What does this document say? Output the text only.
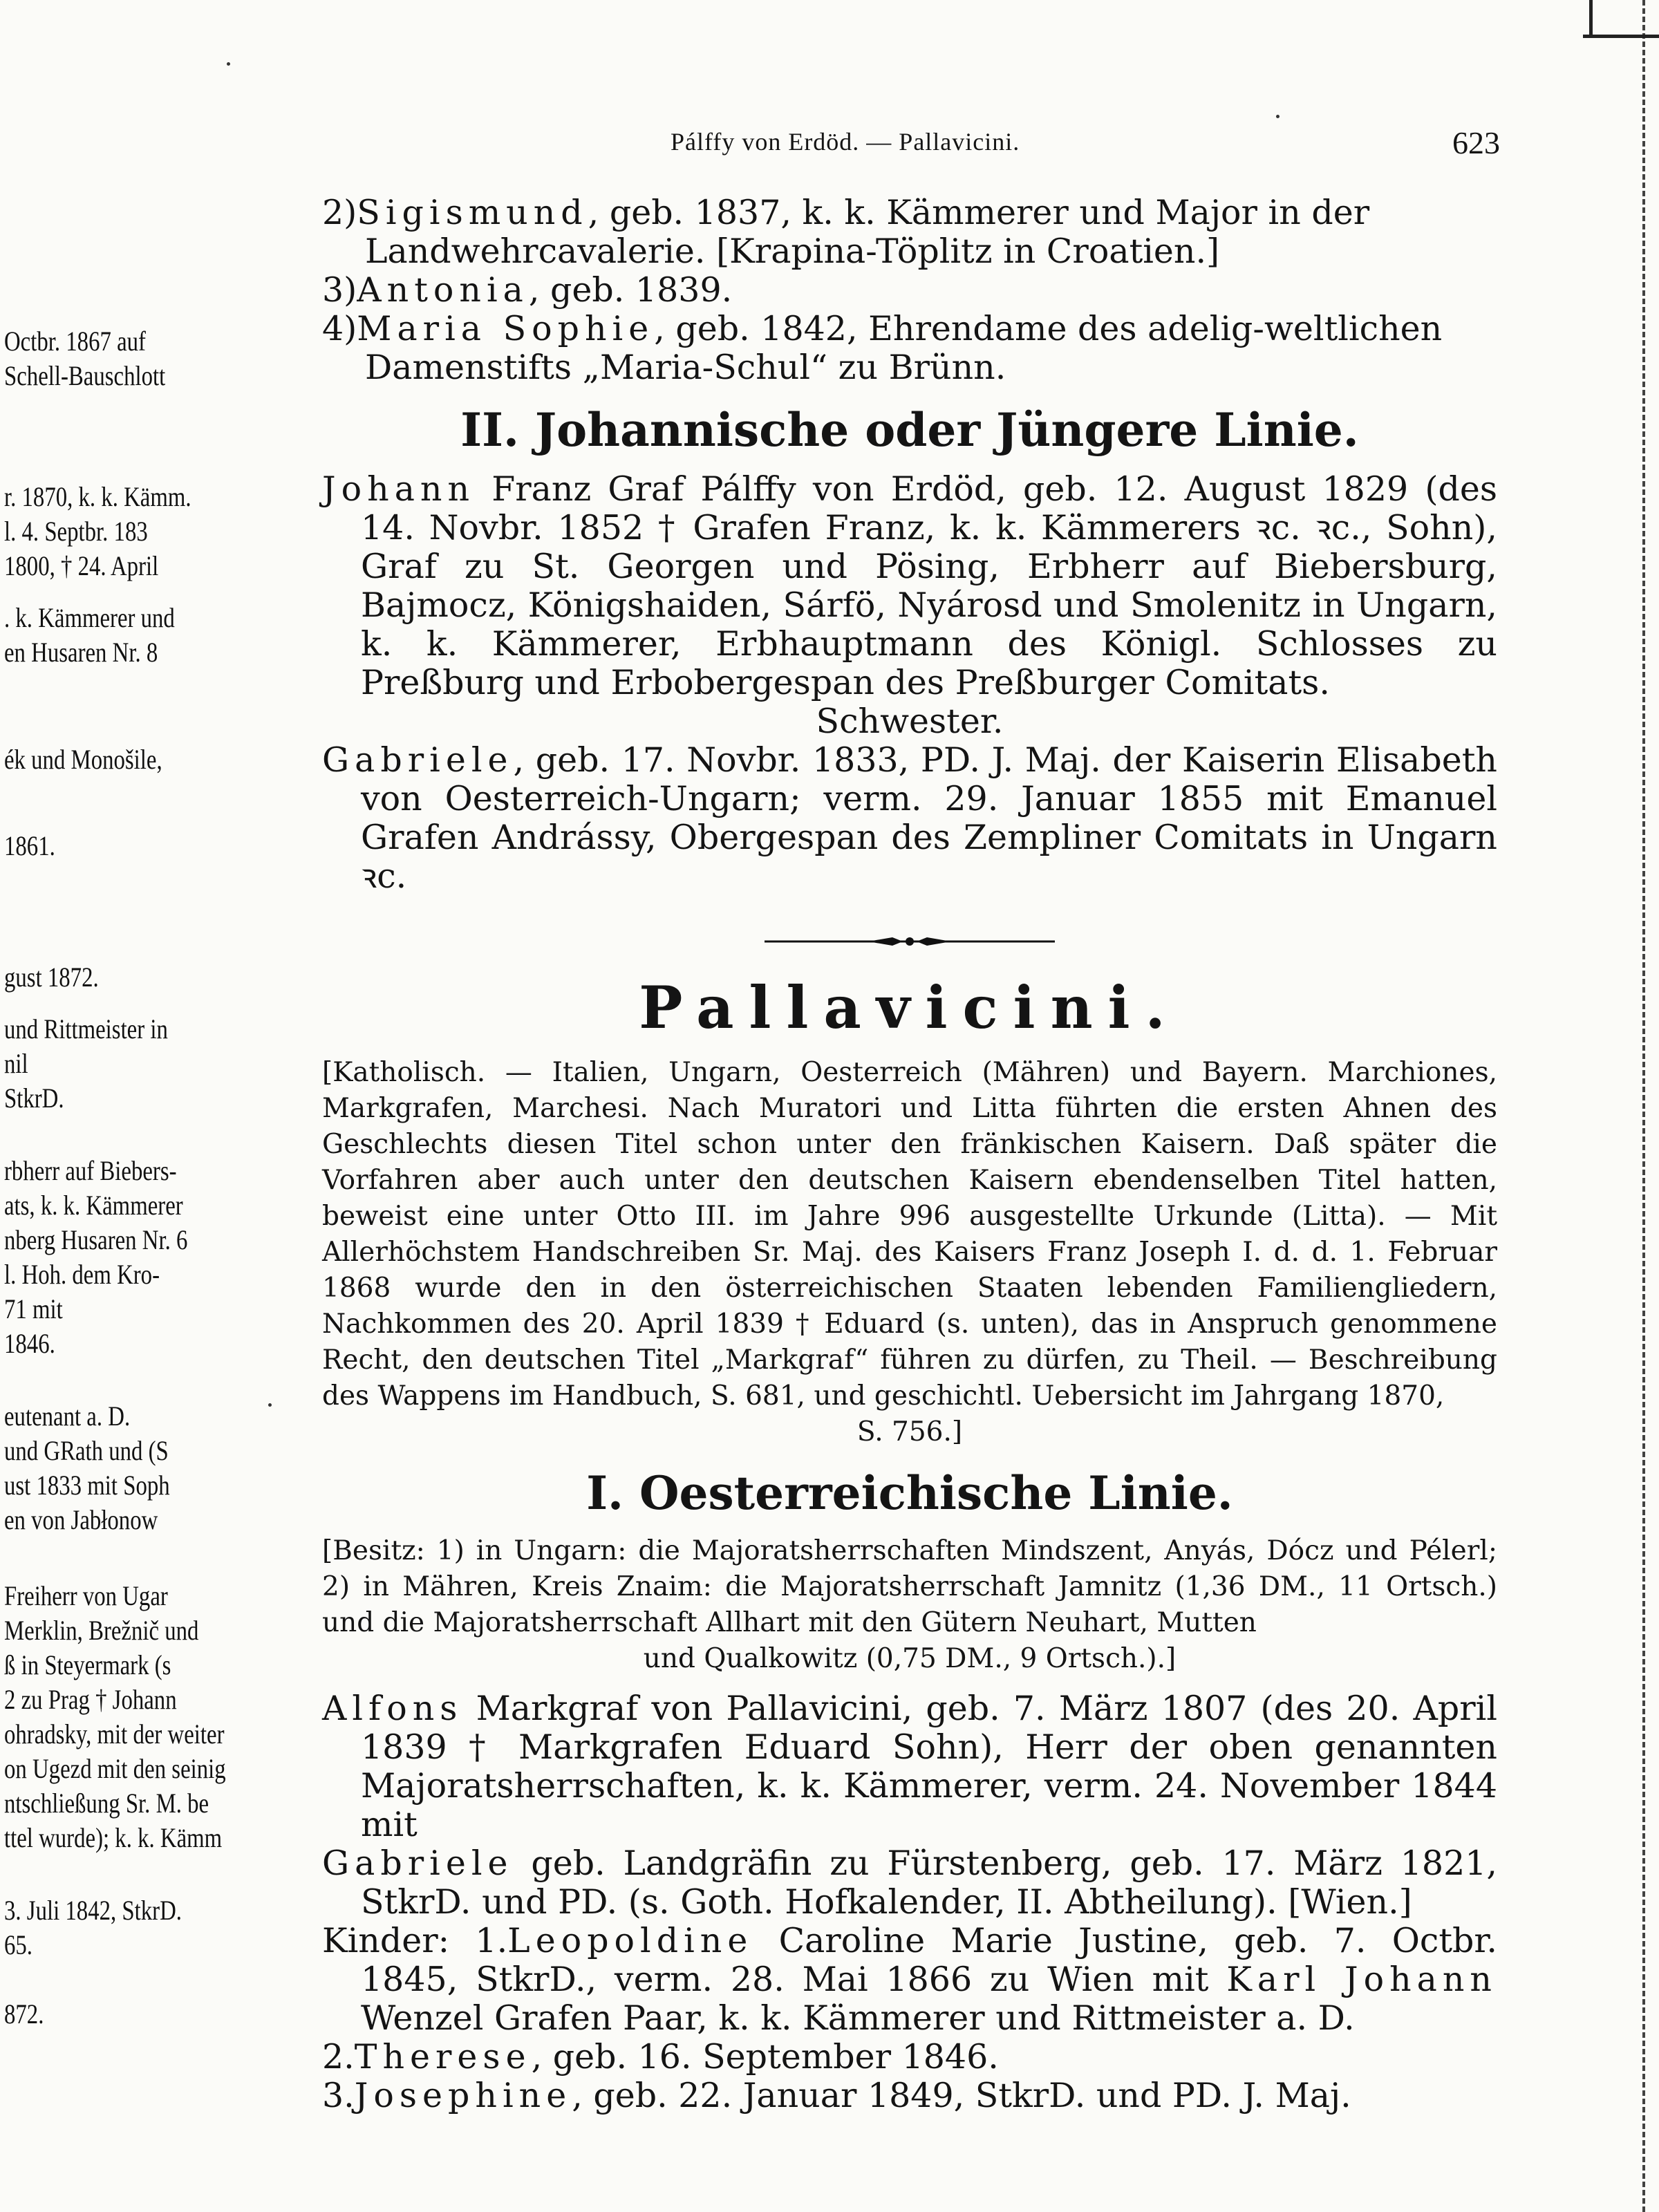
Octbr. 1867 auf
Schell-Bauschlott
r. 1870, k. k. Kämm.
l. 4. Septbr. 183
1800, † 24. April
. k. Kämmerer und
en Husaren Nr. 8
ék und Monošile,
1861.
gust 1872.
und Rittmeister in
nil
StkrD.
rbherr auf Biebers-
ats, k. k. Kämmerer
nberg Husaren Nr. 6
l. Hoh. dem Kro-
71 mit
1846.
eutenant a. D.
und GRath und (S
ust 1833 mit Soph
en von Jabłonow
Freiherr von Ugar
Merklin, Brežnič und
ß in Steyermark (s
2 zu Prag † Johann
ohradsky, mit der weiter
on Ugezd mit den seinig
ntschließung Sr. M. be
ttel wurde); k. k. Kämm
3. Juli 1842, StkrD.
65.
872.
Pálffy von Erdöd. — Pallavicini.	623

2)Sigismund, geb. 1837, k. k. Kämmerer und Major in der Landwehrcavalerie. [Krapina-Töplitz in Croatien.]

3)Antonia, geb. 1839.

4)Maria Sophie, geb. 1842, Ehrendame des adelig-weltlichen Damenstifts „Maria-Schul“ zu Brünn.

II. Johannische oder Jüngere Linie.

Johann Franz Graf Pálffy von Erdöd, geb. 12. August 1829 (des 14. Novbr. 1852 † Grafen Franz, k. k. Kämmerers ꝛc. ꝛc., Sohn), Graf zu St. Georgen und Pösing, Erbherr auf Biebersburg, Bajmocz, Königshaiden, Sárfö, Nyárosd und Smolenitz in Ungarn, k. k. Kämmerer, Erbhauptmann des Königl. Schlosses zu Preßburg und Erbobergespan des Preßburger Comitats.

Schwester.

Gabriele, geb. 17. Novbr. 1833, PD. J. Maj. der Kaiserin Elisabeth von Oesterreich-Ungarn; verm. 29. Januar 1855 mit Emanuel Grafen Andrássy, Obergespan des Zempliner Comitats in Ungarn ꝛc.

Pallavicini.

[Katholisch. — Italien, Ungarn, Oesterreich (Mähren) und Bayern. Marchiones, Markgrafen, Marchesi. Nach Muratori und Litta führten die ersten Ahnen des Geschlechts diesen Titel schon unter den fränkischen Kaisern. Daß später die Vorfahren aber auch unter den deutschen Kaisern ebendenselben Titel hatten, beweist eine unter Otto III. im Jahre 996 ausgestellte Urkunde (Litta). — Mit Allerhöchstem Handschreiben Sr. Maj. des Kaisers Franz Joseph I. d. d. 1. Februar 1868 wurde den in den österreichischen Staaten lebenden Familiengliedern, Nachkommen des 20. April 1839 † Eduard (s. unten), das in Anspruch genommene Recht, den deutschen Titel „Markgraf“ führen zu dürfen, zu Theil. — Beschreibung des Wappens im Handbuch, S. 681, und geschichtl. Uebersicht im Jahrgang 1870,
S. 756.]

I. Oesterreichische Linie.

[Besitz: 1) in Ungarn: die Majoratsherrschaften Mindszent, Anyás, Dócz und Pélerl; 2) in Mähren, Kreis Znaim: die Majoratsherrschaft Jamnitz (1,36 DM., 11 Ortsch.) und die Majoratsherrschaft Allhart mit den Gütern Neuhart, Mutten
und Qualkowitz (0,75 DM., 9 Ortsch.).]

Alfons Markgraf von Pallavicini, geb. 7. März 1807 (des 20. April 1839 † Markgrafen Eduard Sohn), Herr der oben genannten Majoratsherrschaften, k. k. Kämmerer, verm. 24. November 1844 mit

Gabriele geb. Landgräfin zu Fürstenberg, geb. 17. März 1821, StkrD. und PD. (s. Goth. Hofkalender, II. Abtheilung). [Wien.]

Kinder: 1.Leopoldine Caroline Marie Justine, geb. 7. Octbr. 1845, StkrD., verm. 28. Mai 1866 zu Wien mit Karl Johann Wenzel Grafen Paar, k. k. Kämmerer und Rittmeister a. D.

2.Therese, geb. 16. September 1846.

3.Josephine, geb. 22. Januar 1849, StkrD. und PD. J. Maj.
